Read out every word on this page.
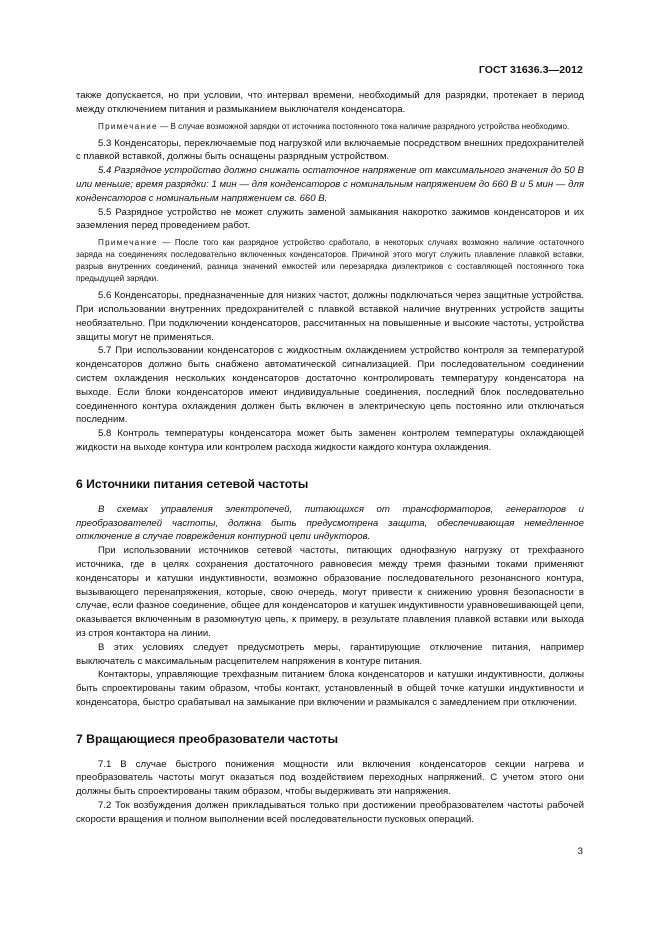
ГОСТ 31636.3—2012

также допускается, но при условии, что интервал времени, необходимый для разрядки, протекает в период между отключением питания и размыканием выключателя конденсатора.

Примечание — В случае возможной зарядки от источника постоянного тока наличие разрядного устройства необходимо.

5.3 Конденсаторы, переключаемые под нагрузкой или включаемые посредством внешних предохранителей с плавкой вставкой, должны быть оснащены разрядным устройством.

5.4 Разрядное устройство должно снижать остаточное напряжение от максимального значения до 50 В или меньше; время разрядки: 1 мин — для конденсаторов с номинальным напряжением до 660 В и 5 мин — для конденсаторов с номинальным напряжением св. 660 В.

5.5 Разрядное устройство не может служить заменой замыкания накоротко зажимов конденсаторов и их заземления перед проведением работ.

Примечание — После того как разрядное устройство сработало, в некоторых случаях возможно наличие остаточного заряда на соединениях последовательно включенных конденсаторов. Причиной этого могут служить плавление плавкой вставки, разрыв внутренних соединений, разница значений емкостей или перезарядка диэлектриков с составляющей постоянного тока предыдущей зарядки.

5.6 Конденсаторы, предназначенные для низких частот, должны подключаться через защитные устройства. При использовании внутренних предохранителей с плавкой вставкой наличие внутренних устройств защиты необязательно. При подключении конденсаторов, рассчитанных на повышенные и высокие частоты, устройства защиты могут не применяться.

5.7 При использовании конденсаторов с жидкостным охлаждением устройство контроля за температурой конденсаторов должно быть снабжено автоматической сигнализацией. При последовательном соединении систем охлаждения нескольких конденсаторов достаточно контролировать температуру конденсатора на выходе. Если блоки конденсаторов имеют индивидуальные соединения, последний блок последовательно соединенного контура охлаждения должен быть включен в электрическую цепь постоянно или отключаться последним.

5.8 Контроль температуры конденсатора может быть заменен контролем температуры охлаждающей жидкости на выходе контура или контролем расхода жидкости каждого контура охлаждения.

6 Источники питания сетевой частоты

В схемах управления электропечей, питающихся от трансформаторов, генераторов и преобразователей частоты, должна быть предусмотрена защита, обеспечивающая немедленное отключение в случае повреждения контурной цепи индукторов.

При использовании источников сетевой частоты, питающих однофазную нагрузку от трехфазного источника, где в целях сохранения достаточного равновесия между тремя фазными токами применяют конденсаторы и катушки индуктивности, возможно образование последовательного резонансного контура, вызывающего перенапряжения, которые, свою очередь, могут привести к снижению уровня безопасности в случае, если фазное соединение, общее для конденсаторов и катушек индуктивности уравновешивающей цепи, оказывается включенным в разомкнутую цепь, к примеру, в результате плавления плавкой вставки или выхода из строя контактора на линии.

В этих условиях следует предусмотреть меры, гарантирующие отключение питания, например выключатель с максимальным расцепителем напряжения в контуре питания.

Контакторы, управляющие трехфазным питанием блока конденсаторов и катушки индуктивности, должны быть спроектированы таким образом, чтобы контакт, установленный в общей точке катушки индуктивности и конденсатора, быстро срабатывал на замыкание при включении и размыкался с замедлением при отключении.

7 Вращающиеся преобразователи частоты

7.1 В случае быстрого понижения мощности или включения конденсаторов секции нагрева и преобразователь частоты могут оказаться под воздействием переходных напряжений. С учетом этого они должны быть спроектированы таким образом, чтобы выдерживать эти напряжения.

7.2 Ток возбуждения должен прикладываться только при достижении преобразователем частоты рабочей скорости вращения и полном выполнении всей последовательности пусковых операций.

3
